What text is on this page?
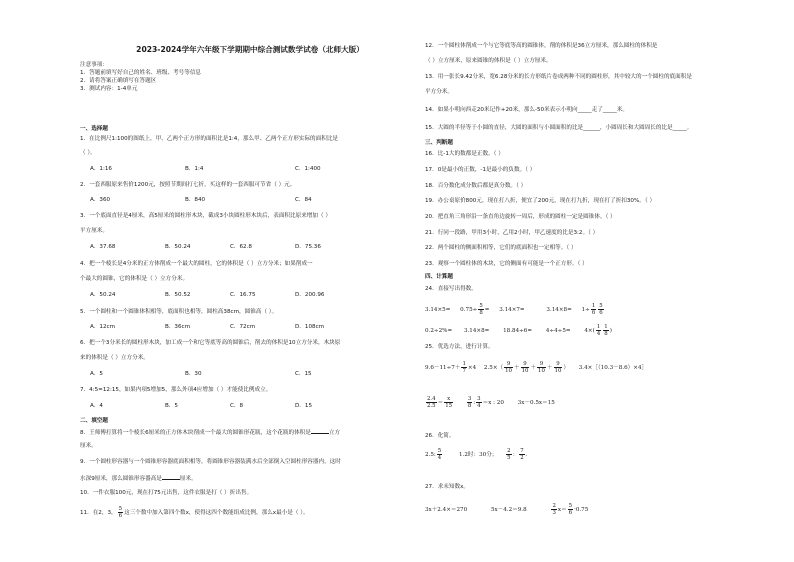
2023-2024学年六年级下学期期中综合测试数学试卷（北师大版）
注意事项：
1．答题前填写好自己的姓名、班级、考号等信息
2．请将答案正确填写在答题区
3．测试内容：1-4单元
一、选择题
1．在比例尺1:100的图纸上，甲、乙两个正方形的面积比是1:4，那么甲、乙两个正方形实际的面积比是
（ ）。
A．1:16	B．1:4	C．1:400
2．一套西服原来售价1200元，按照节期间打七折，买这样的一套西服可节省（ ）元。
A．360	B．840	C．84
3．一个底面直径是4厘米，高5厘米的圆柱形木块，截成3小块圆柱形木块后，表面积比原来增加（ ）
平方厘米。
A．37.68	B．50.24	C．62.8	D．75.36
4．把一个棱长是4分米的正方体削成一个最大的圆柱，它的体积是（ ）立方分米；如果削成一
个最大的圆锥，它的体积是（ ）立方分米。
A．50.24	B．50.52	C．16.75	D．200.96
5．一个圆柱和一个圆锥体积相等，底面积也相等，圆柱高38cm，圆锥高（ ）。
A．12cm	B．36cm	C．72cm	D．108cm
6．把一个3分米长的圆柱形木块，加工成一个和它等底等高的圆锥后，削去的体积是10立方分米，木块原
来的体积是（ ）立方分米。
A．5	B．30	C．15
7．4:5=12:15，如果内项5增加5，那么外项4应增加（ ）才能使比例成立。
A．4	B．5	C．8	D．15
二、填空题
8．王师傅打算将一个棱长6厘米的正方体木块削成一个最大的圆锥形花瓶，这个花瓶的体积是	立方
厘米。
9．一个圆柱形容器与一个圆锥形容器底面积相等，将圆锥形容器装满水后全部倒入空圆柱形容器内，这时
水深9厘米，那么圆锥形容器高是	厘米。
10．一件衣服100元，现在打75元出售，这件衣服是打（ ）折出售。
11．在2，3， $\frac{5}{6}$ 这三个数中加入第四个数x，使得这四个数能组成比例，那么x最小是（ ）。
12．一个圆柱体削成一个与它等底等高的圆锥体，削的体积是36立方厘米，那么圆柱的体积是
（ ）立方厘米，原来圆锥的体积是（ ）立方厘米。
13．用一张长9.42分米，宽6.28分米的长方形纸片卷成两种不同的圆柱形，其中较大的一个圆柱的底面积是
平方分米。
14．如果小明向西走20米记作+20米，那么-50米表示小明向_____走了_____米。
15．大圆的半径等于小圆的直径，大圆的面积与小圆面积的比是______，小圆周长和大圆周长的比是_____。
三、判断题
16．比-1大的数都是正数。（ ）
17．0是最小的正数，-1是最小的负数。（ ）
18．百分数化成分数后都是真分数。（ ）
19．办公桌原价800元，现在打八折，便宜了200元，现在打九折，现在打了折扣30%。（ ）
20．把直角三角形沿一条直角边旋转一周后，形成的圆柱一定是圆锥体。（ ）
21．行同一段路，甲用3小时，乙用2小时，甲乙速度的比是3:2。（ ）
22．两个圆柱的侧面积相等，它们的底面积也一定相等。（ ）
23．观察一个圆柱体的木块，它的侧面有可能是一个正方形。（ ）
四、计算题
24．直接写出得数。
$3.14\times 5= 0.75\div \frac{5}{8} = 3.14\times 7=$	$3.14\times 8= 1\div \frac{1}{6} \frac{5}{6}$
$0.2\div 2\%= 3.14\times 8= 18.84\div 6= 4\div 4\div 5= 4\times( \frac{1}{4} \frac{1}{8}$ )
25．优选方法，进行计算。
$9.6-11\div 7+ \frac{1}{7} \times 4$ $2.5\times( \frac{9}{10} + \frac{9}{10} + \frac{9}{10} + \frac{9}{10}$ ） 3.4×［（10.3－8.6）×4］
$\frac{2.4}{2.5} = \frac{x}{15}$
	$\frac{3}{8}$ : $\frac{3}{4} =x$ : 20 3x－0.5x＝15
26．化简。
2.5: $\frac{5}{4}$	1.2时：30分； $\frac{2}{5}$ ： $\frac{7}{2}$ .
27．求未知数x。
3x＋2.4×＝270	5x－4.2＝9.8	$\frac{2}{3} x= \frac{5}{6} \cdot 0.75$
